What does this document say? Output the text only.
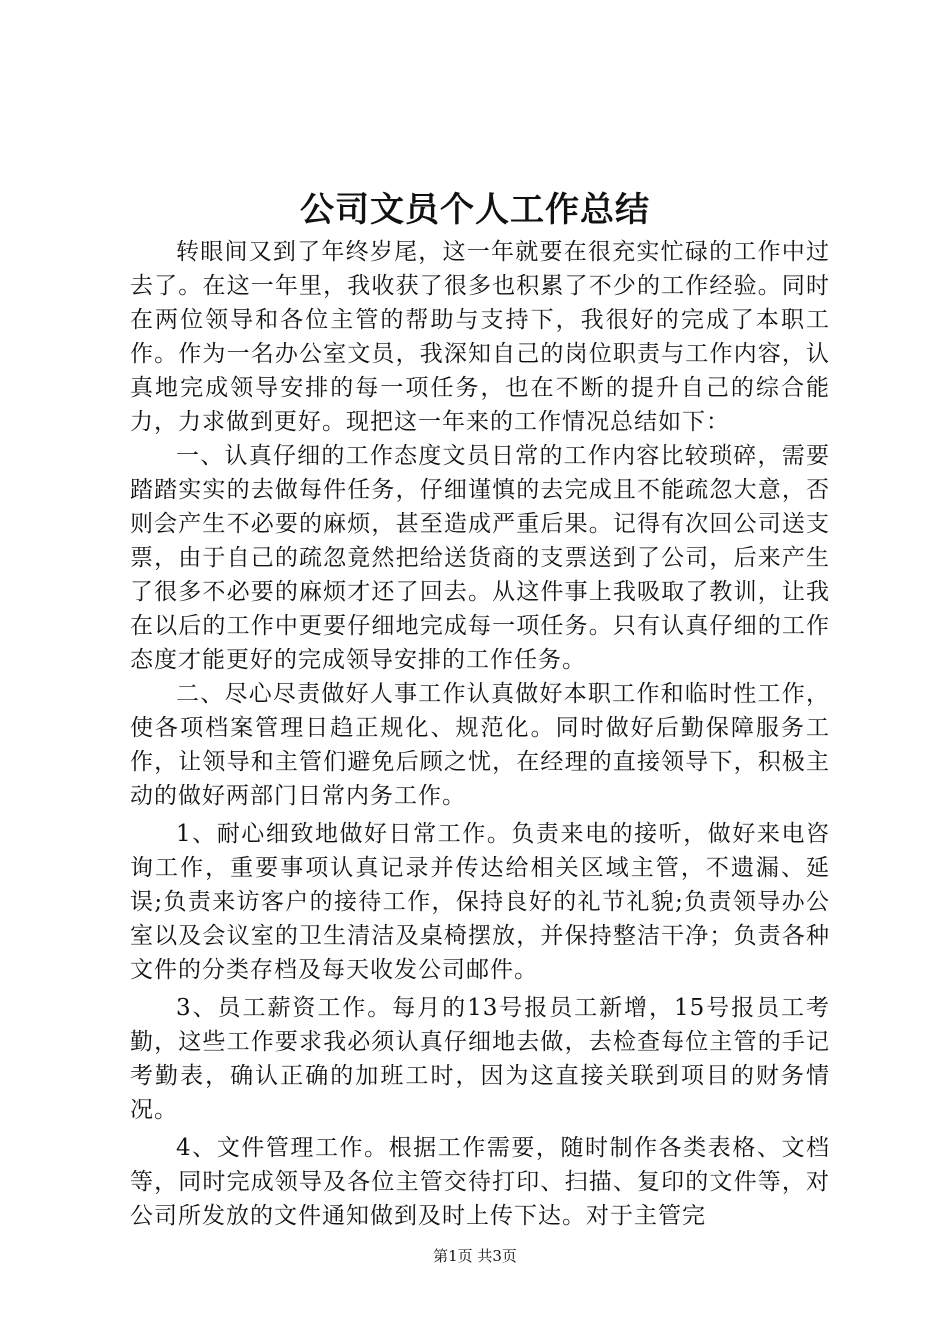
公司文员个人工作总结

转眼间又到了年终岁尾，这一年就要在很充实忙碌的工作中过去了。在这一年里，我收获了很多也积累了不少的工作经验。同时在两位领导和各位主管的帮助与支持下，我很好的完成了本职工作。作为一名办公室文员，我深知自己的岗位职责与工作内容，认真地完成领导安排的每一项任务，也在不断的提升自己的综合能力，力求做到更好。现把这一年来的工作情况总结如下：

一、认真仔细的工作态度文员日常的工作内容比较琐碎，需要踏踏实实的去做每件任务，仔细谨慎的去完成且不能疏忽大意，否则会产生不必要的麻烦，甚至造成严重后果。记得有次回公司送支票，由于自己的疏忽竟然把给送货商的支票送到了公司，后来产生了很多不必要的麻烦才还了回去。从这件事上我吸取了教训，让我在以后的工作中更要仔细地完成每一项任务。只有认真仔细的工作态度才能更好的完成领导安排的工作任务。

二、尽心尽责做好人事工作认真做好本职工作和临时性工作，使各项档案管理日趋正规化、规范化。同时做好后勤保障服务工作，让领导和主管们避免后顾之忧，在经理的直接领导下，积极主动的做好两部门日常内务工作。

1、耐心细致地做好日常工作。负责来电的接听，做好来电咨询工作，重要事项认真记录并传达给相关区域主管，不遗漏、延误;负责来访客户的接待工作，保持良好的礼节礼貌;负责领导办公室以及会议室的卫生清洁及桌椅摆放，并保持整洁干净；负责各种文件的分类存档及每天收发公司邮件。

3、员工薪资工作。每月的13号报员工新增，15号报员工考勤，这些工作要求我必须认真仔细地去做，去检查每位主管的手记考勤表，确认正确的加班工时，因为这直接关联到项目的财务情况。

4、文件管理工作。根据工作需要，随时制作各类表格、文档等，同时完成领导及各位主管交待打印、扫描、复印的文件等，对公司所发放的文件通知做到及时上传下达。对于主管完

第1页 共3页
